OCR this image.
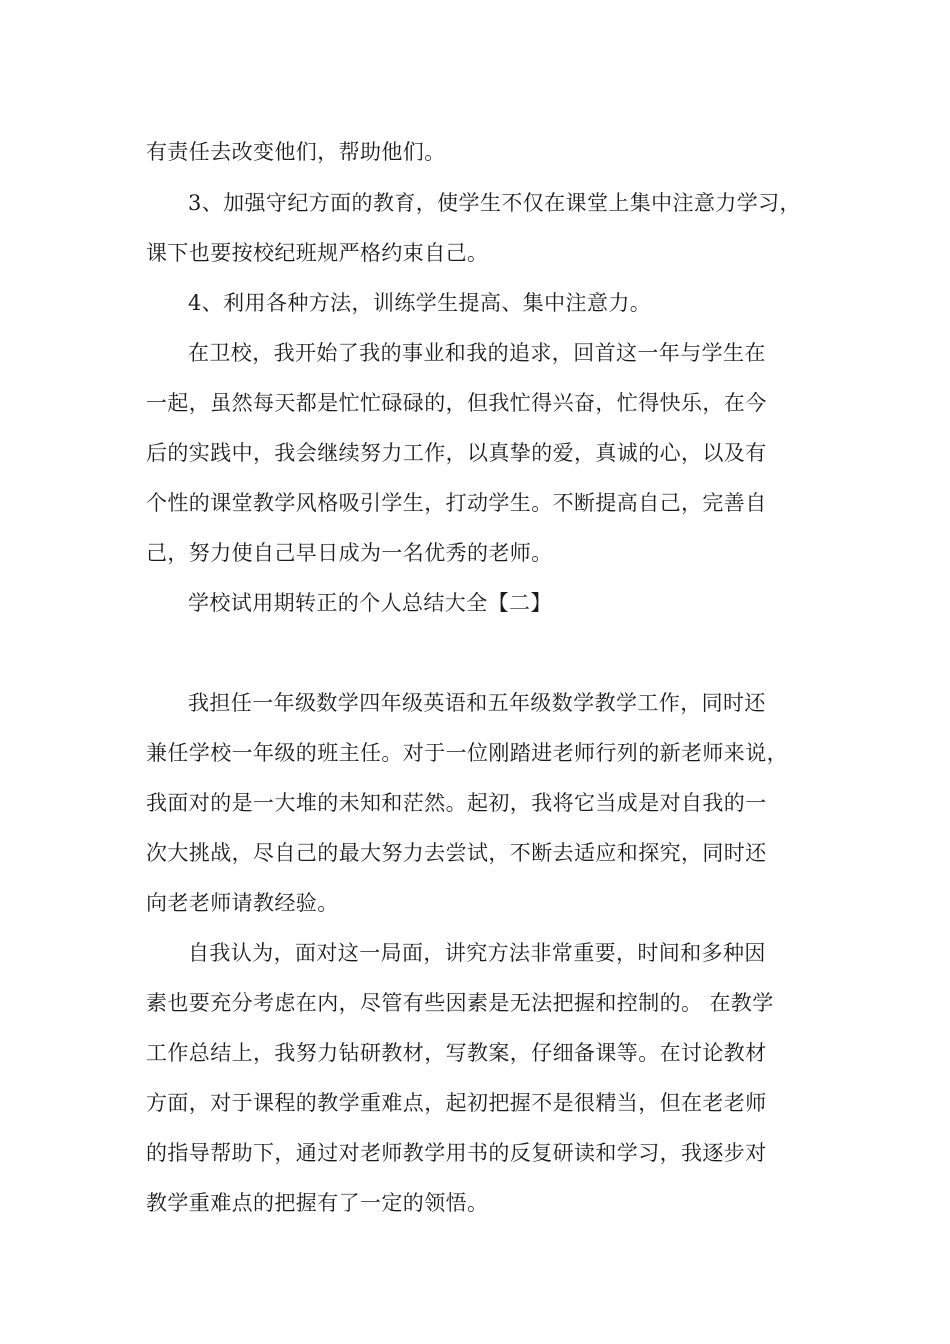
有责任去改变他们，帮助他们。

3、加强守纪方面的教育，使学生不仅在课堂上集中注意力学习，

课下也要按校纪班规严格约束自己。

4、利用各种方法，训练学生提高、集中注意力。

在卫校，我开始了我的事业和我的追求，回首这一年与学生在

一起，虽然每天都是忙忙碌碌的，但我忙得兴奋，忙得快乐，在今

后的实践中，我会继续努力工作，以真挚的爱，真诚的心，以及有

个性的课堂教学风格吸引学生，打动学生。不断提高自己，完善自

己，努力使自己早日成为一名优秀的老师。

学校试用期转正的个人总结大全【二】

我担任一年级数学四年级英语和五年级数学教学工作，同时还

兼任学校一年级的班主任。对于一位刚踏进老师行列的新老师来说，

我面对的是一大堆的未知和茫然。起初，我将它当成是对自我的一

次大挑战，尽自己的最大努力去尝试，不断去适应和探究，同时还

向老老师请教经验。

自我认为，面对这一局面，讲究方法非常重要，时间和多种因

素也要充分考虑在内，尽管有些因素是无法把握和控制的。 在教学

工作总结上，我努力钻研教材，写教案，仔细备课等。在讨论教材

方面，对于课程的教学重难点，起初把握不是很精当，但在老老师

的指导帮助下，通过对老师教学用书的反复研读和学习，我逐步对

教学重难点的把握有了一定的领悟。
